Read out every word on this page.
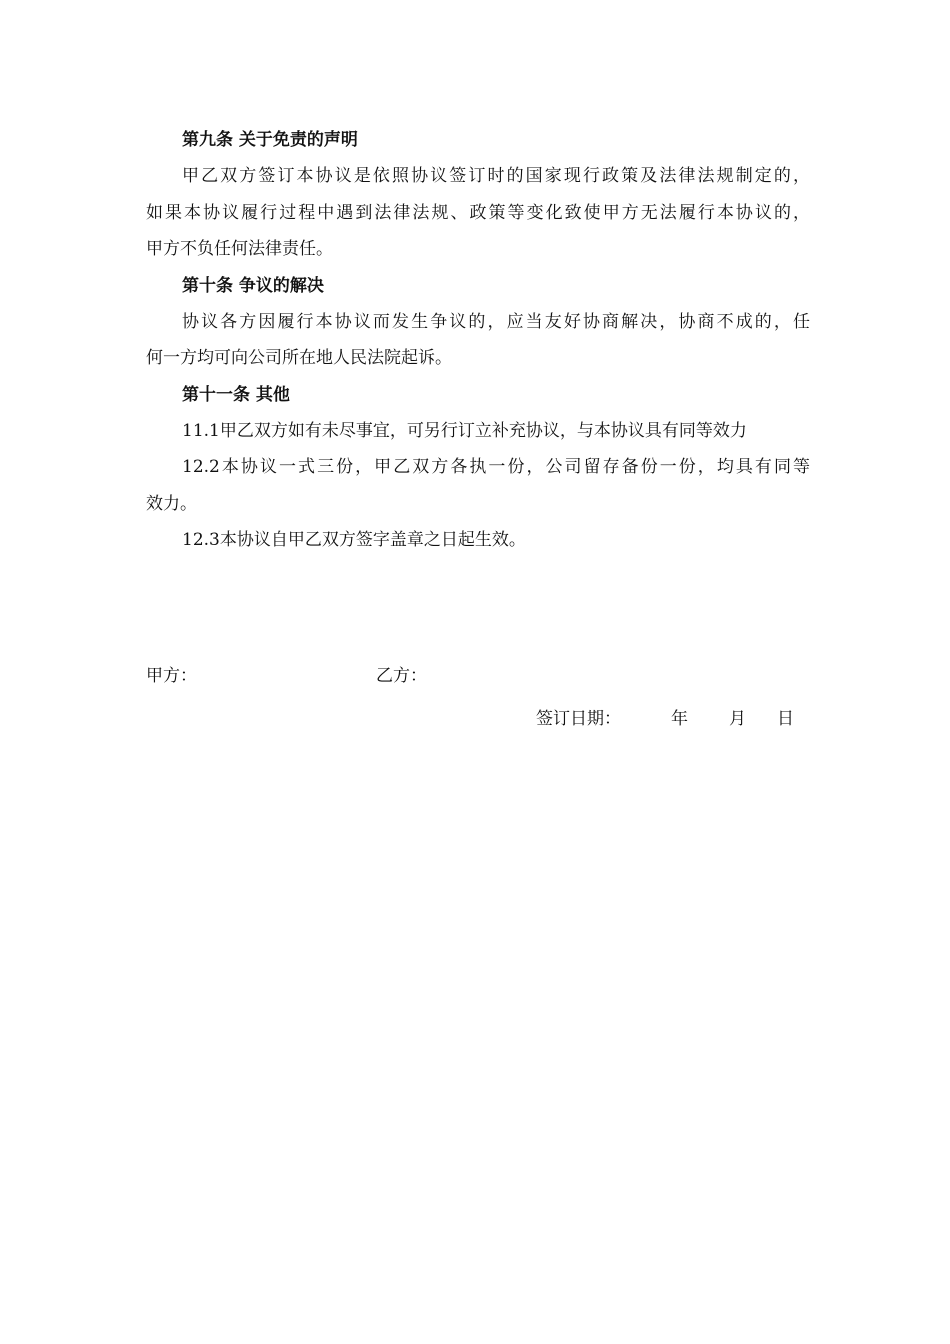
第九条 关于免责的声明
甲乙双方签订本协议是依照协议签订时的国家现行政策及法律法规制定的，
如果本协议履行过程中遇到法律法规、政策等变化致使甲方无法履行本协议的，
甲方不负任何法律责任。
第十条 争议的解决
协议各方因履行本协议而发生争议的，应当友好协商解决，协商不成的，任
何一方均可向公司所在地人民法院起诉。
第十一条 其他
11.1甲乙双方如有未尽事宜，可另行订立补充协议，与本协议具有同等效力
12.2本协议一式三份，甲乙双方各执一份，公司留存备份一份，均具有同等
效力。
12.3本协议自甲乙双方签字盖章之日起生效。
甲方：	乙方：
签订日期：	年 月 日
